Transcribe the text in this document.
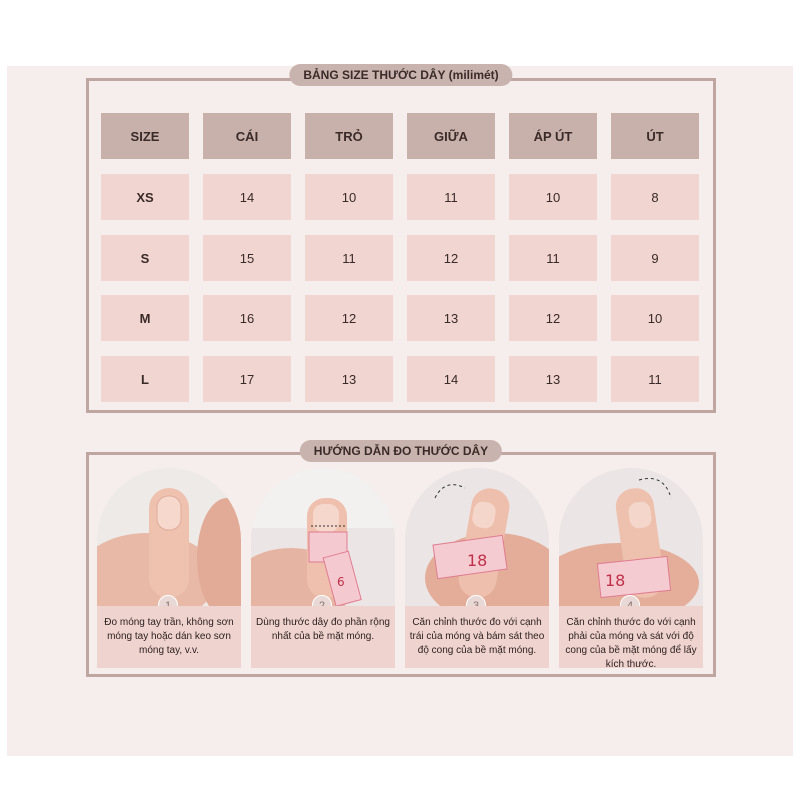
BẢNG SIZE THƯỚC DÂY (milimét)
SIZE	CÁI	TRỎ	GIỮA	ÁP ÚT	ÚT
XS	14	10	11	10	8
S	15	11	12	11	9
M	16	12	13	12	10
L	17	13	14	13	11
HƯỚNG DẪN ĐO THƯỚC DÂY
Đo móng tay trần, không sơn móng tay hoặc dán keo sơn móng tay, v.v.
6
Dùng thước dây đo phần rộng nhất của bề mặt móng.
18
Căn chỉnh thước đo với cạnh trái của móng và bám sát theo độ cong của bề mặt móng.
18
Căn chỉnh thước đo với cạnh phải của móng và sát với độ cong của bề mặt móng để lấy kích thước.
